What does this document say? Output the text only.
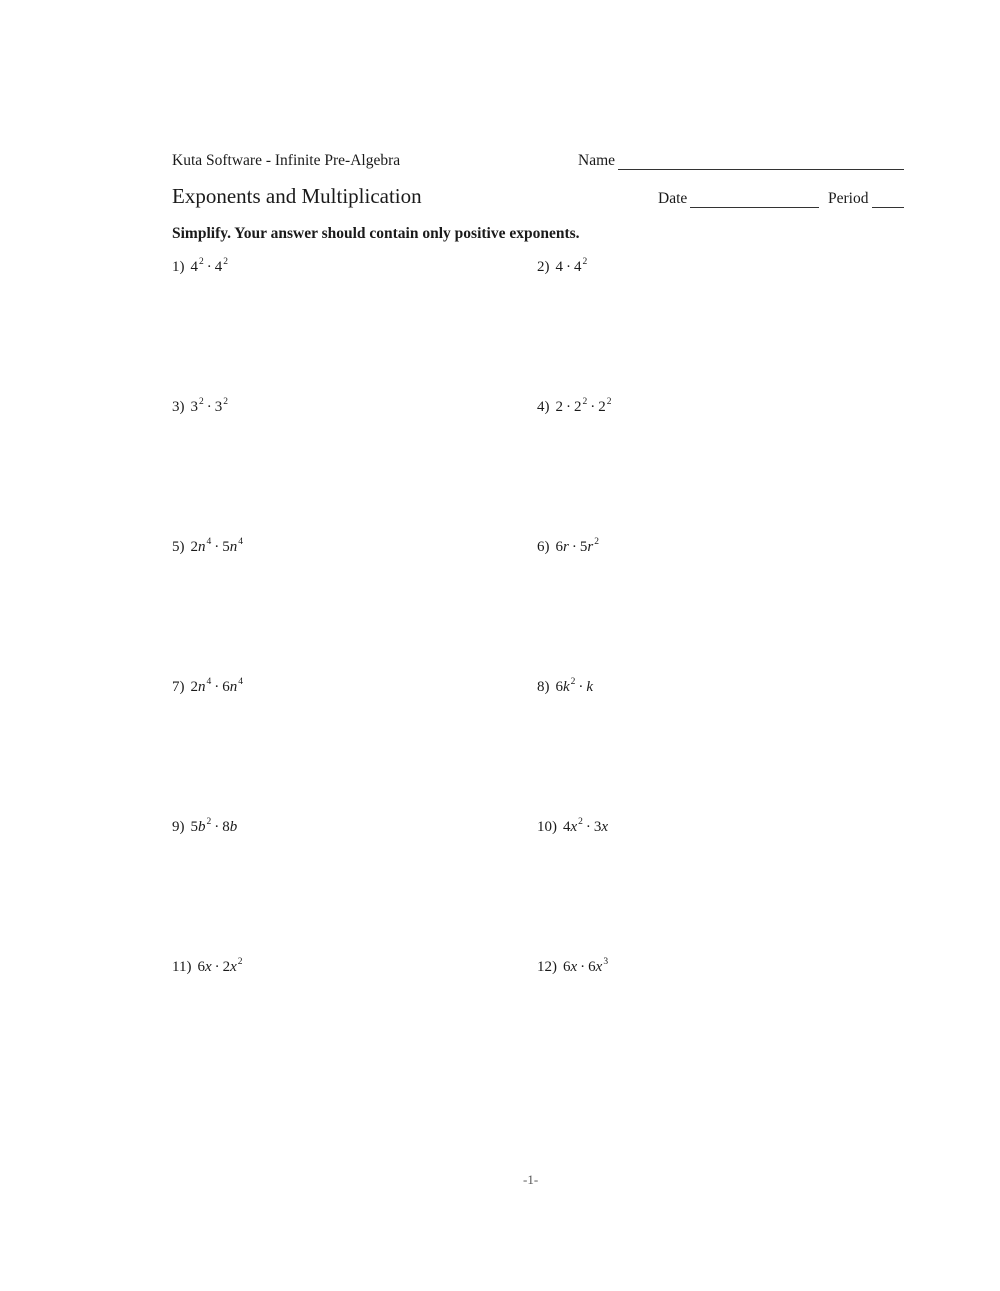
Kuta Software - Infinite Pre-Algebra	Name
Exponents and Multiplication	Date	Period
Simplify. Your answer should contain only positive exponents.
1) $4^2 \cdot 4^2$	2) $4 \cdot 4^2$
3) $3^2 \cdot 3^2$	4) $2 \cdot 2^2 \cdot 2^2$
5) $2n^4 \cdot 5n^4$	6) $6r \cdot 5r^2$
7) $2n^4 \cdot 6n^4$	8) $6k^2 \cdot k$
9) $5b^2 \cdot 8b$	10) $4x^2 \cdot 3x$
11) $6x \cdot 2x^2$	12) $6x \cdot 6x^3$
-1-
